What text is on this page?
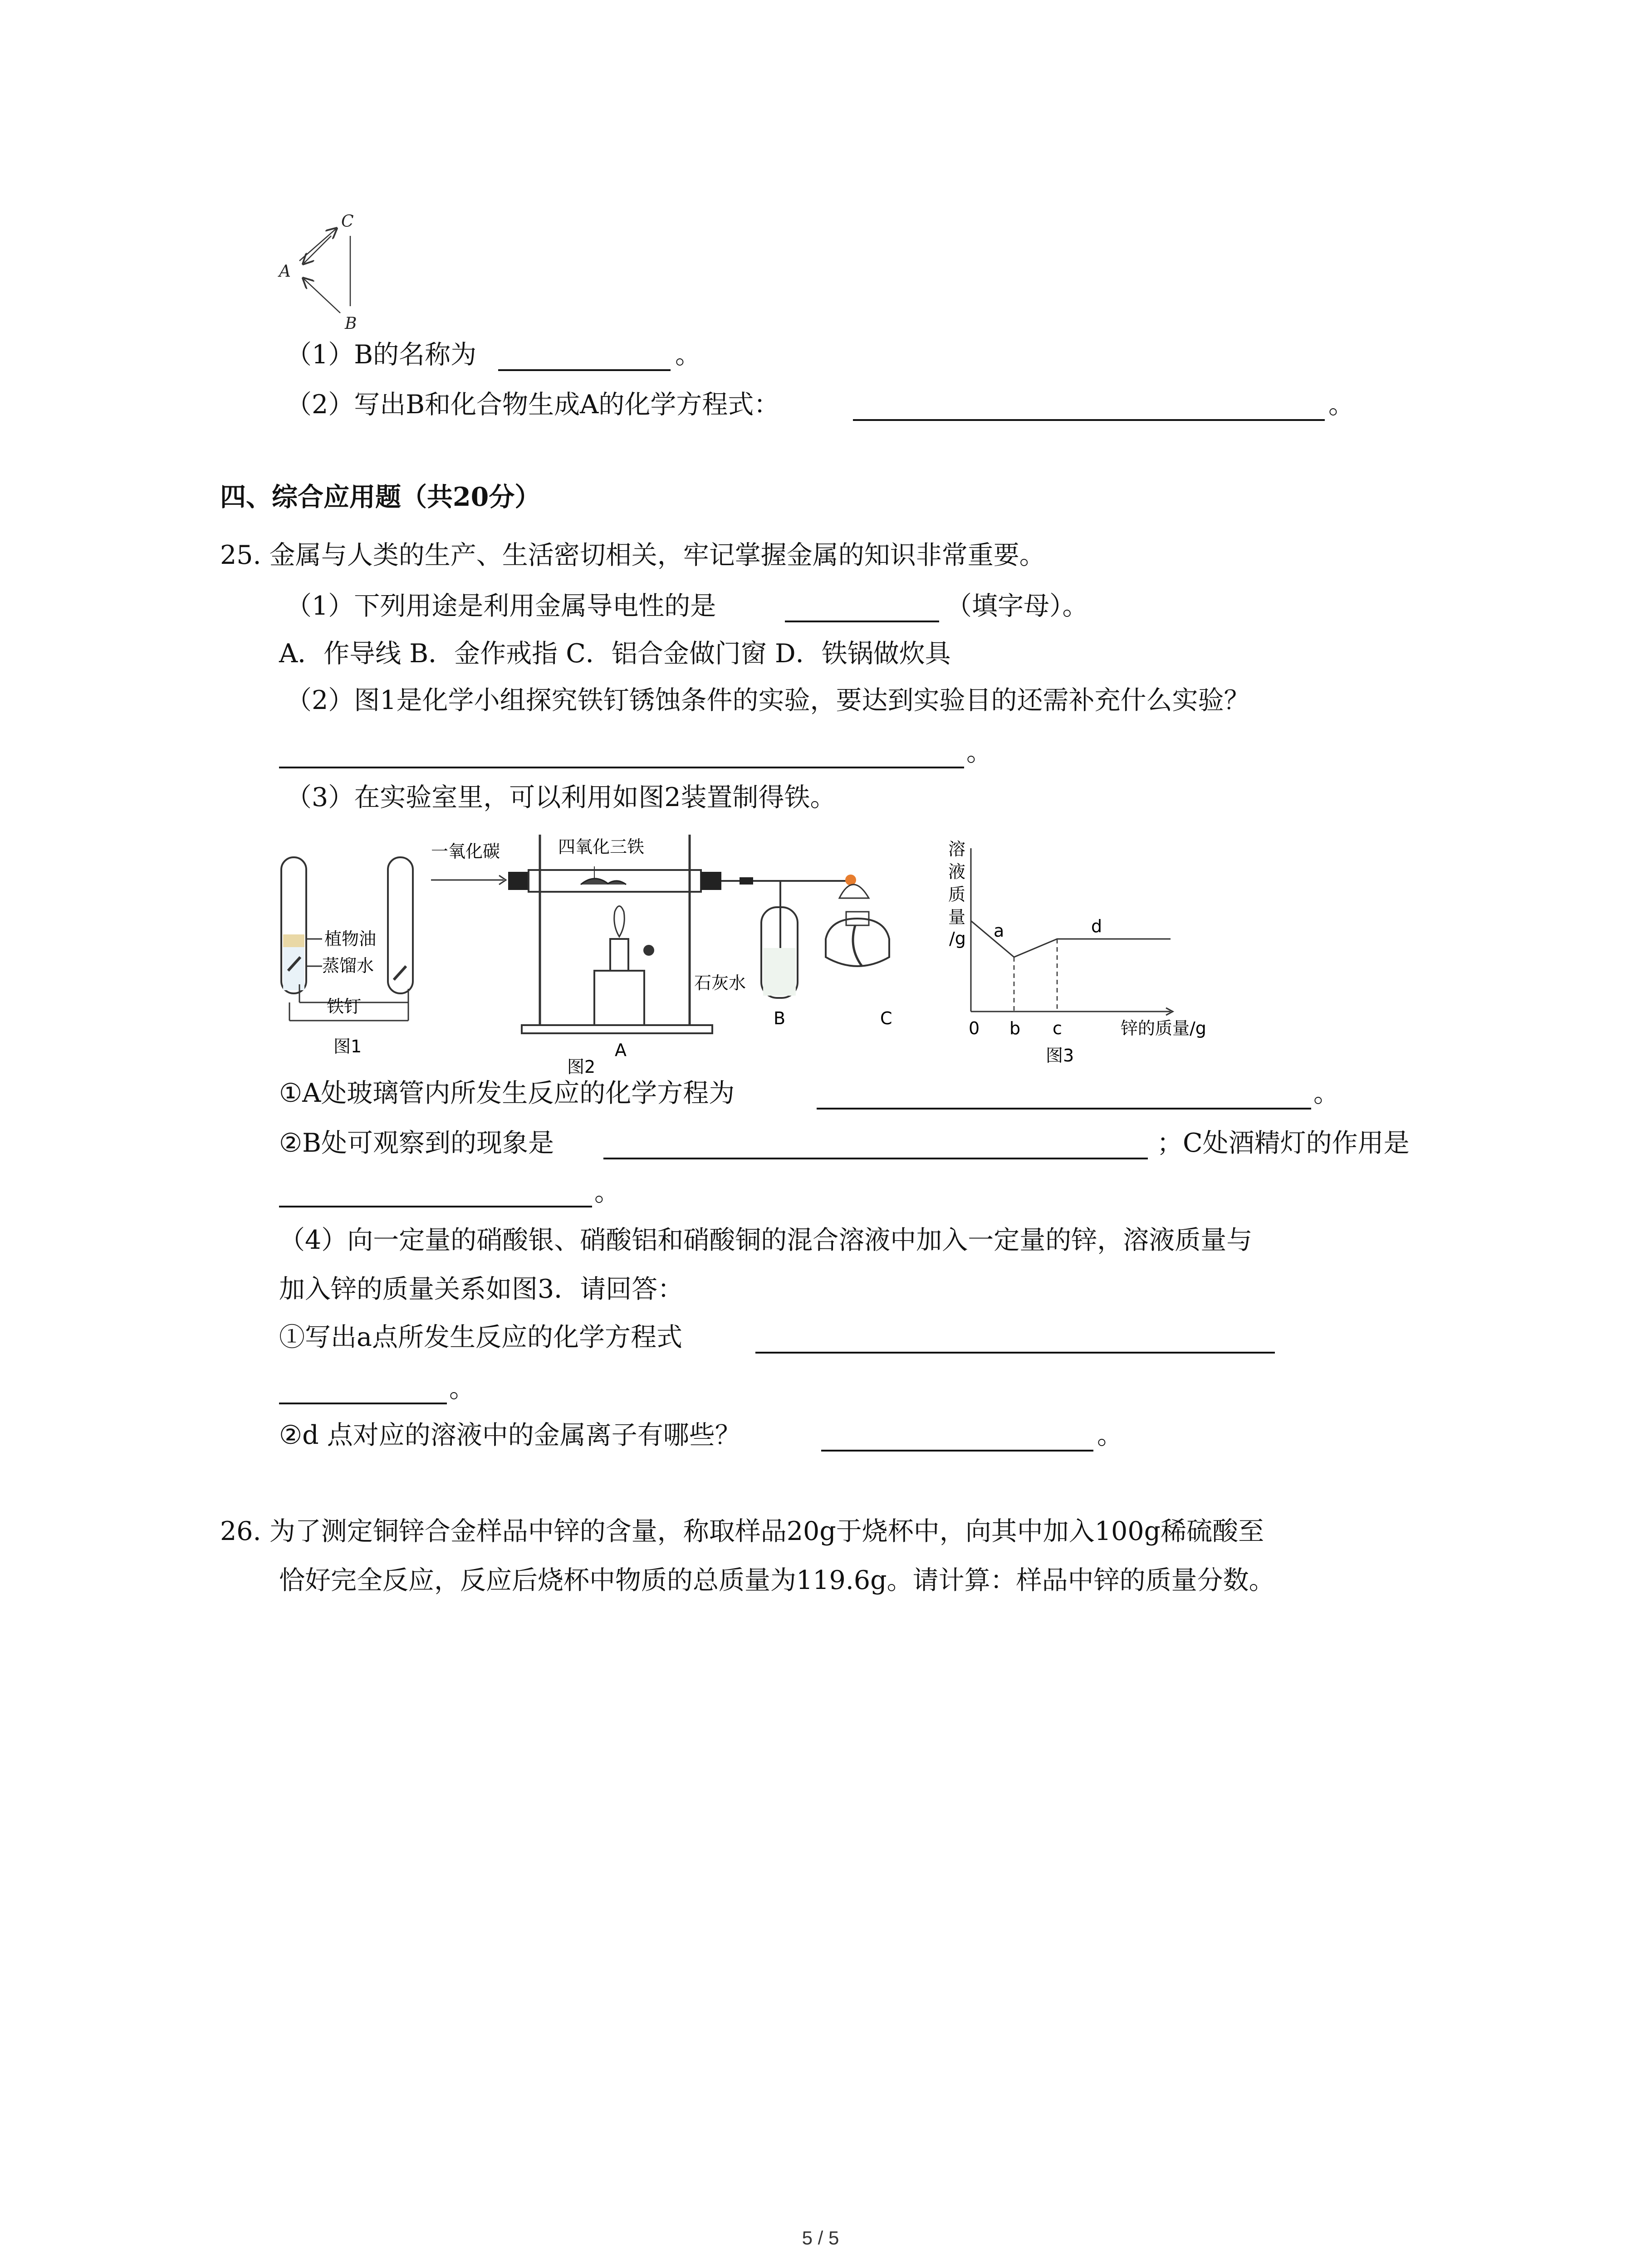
C
A
B
（1）B的名称为	。
（2）写出B和化合物生成A的化学方程式：	。
四、综合应用题（共20分）
25. 金属与人类的生产、生活密切相关，牢记掌握金属的知识非常重要。
（1）下列用途是利用金属导电性的是	（填字母）。
A．作导线 B．金作戒指 C．铝合金做门窗 D．铁锅做炊具
（2）图1是化学小组探究铁钉锈蚀条件的实验，要达到实验目的还需补充什么实验？
。
（3）在实验室里，可以利用如图2装置制得铁。
植物油
蒸馏水
铁钉
图1
一氧化碳	四氧化三铁
石灰水
B	C
A
图2
溶
液
质
量
/g a	d
0 b c	锌的质量/g
图3
①A处玻璃管内所发生反应的化学方程为	。
②B处可观察到的现象是	；C处酒精灯的作用是
。
（4）向一定量的硝酸银、硝酸铝和硝酸铜的混合溶液中加入一定量的锌，溶液质量与
加入锌的质量关系如图3．请回答：
①写出a点所发生反应的化学方程式
。
②d 点对应的溶液中的金属离子有哪些？	。
26. 为了测定铜锌合金样品中锌的含量，称取样品20g于烧杯中，向其中加入100g稀硫酸至
恰好完全反应，反应后烧杯中物质的总质量为119.6g。请计算：样品中锌的质量分数。
5 / 5
